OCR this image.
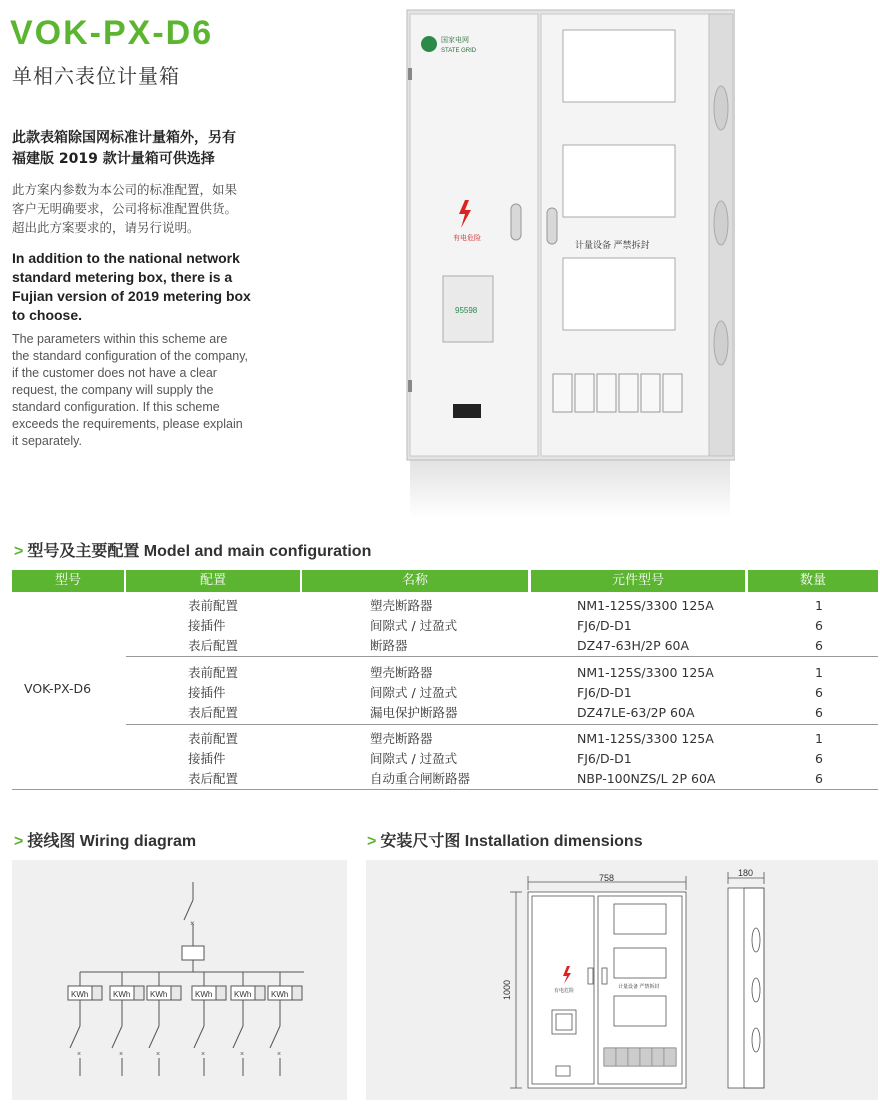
VOK-PX-D6
单相六表位计量箱
此款表箱除国网标准计量箱外，另有
福建版 2019 款计量箱可供选择
此方案内参数为本公司的标准配置，如果
客户无明确要求，公司将标准配置供货。
超出此方案要求的，请另行说明。
In addition to the national network
standard metering box, there is a
Fujian version of 2019 metering box
to choose.
The parameters within this scheme are
the standard configuration of the company,
if the customer does not have a clear
request, the company will supply the
standard configuration. If this scheme
exceeds the requirements, please explain
it separately.
国家电网
STATE GRID
有电危险
95598
计量设备 严禁拆封
> 型号及主要配置 Model and main configuration
型号	配置	名称	元件型号	数量
VOK-PX-D6
表前配置	塑壳断路器	NM1-125S/3300 125A	1
接插件	间隙式 / 过盈式	FJ6/D-D1	6
表后配置	断路器	DZ47-63H/2P 60A	6
表前配置	塑壳断路器	NM1-125S/3300 125A	1
接插件	间隙式 / 过盈式	FJ6/D-D1	6
表后配置	漏电保护断路器	DZ47LE-63/2P 60A	6
表前配置	塑壳断路器	NM1-125S/3300 125A	1
接插件	间隙式 / 过盈式	FJ6/D-D1	6
表后配置	自动重合闸断路器	NBP-100NZS/L 2P 60A	6
> 接线图 Wiring diagram	> 安装尺寸图 Installation dimensions
×
KWh
×
KWh
×
KWh
×
KWh
×
KWh
×
KWh
×
758
1000
180
有电危险
计量设备 严禁拆封
